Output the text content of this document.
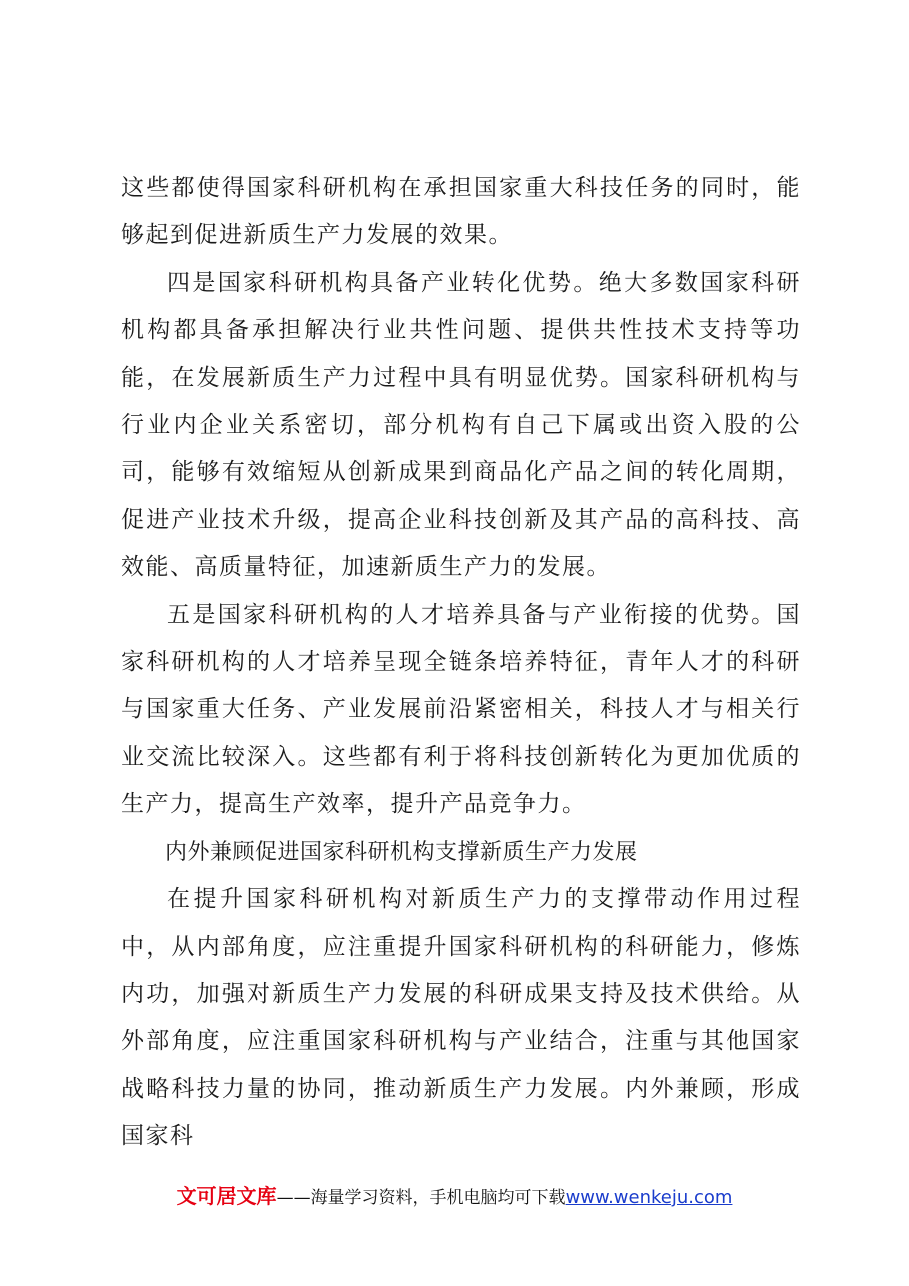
这些都使得国家科研机构在承担国家重大科技任务的同时，能够起到促进新质生产力发展的效果。

四是国家科研机构具备产业转化优势。绝大多数国家科研机构都具备承担解决行业共性问题、提供共性技术支持等功能，在发展新质生产力过程中具有明显优势。国家科研机构与行业内企业关系密切，部分机构有自己下属或出资入股的公司，能够有效缩短从创新成果到商品化产品之间的转化周期，促进产业技术升级，提高企业科技创新及其产品的高科技、高效能、高质量特征，加速新质生产力的发展。

五是国家科研机构的人才培养具备与产业衔接的优势。国家科研机构的人才培养呈现全链条培养特征，青年人才的科研与国家重大任务、产业发展前沿紧密相关，科技人才与相关行业交流比较深入。这些都有利于将科技创新转化为更加优质的生产力，提高生产效率，提升产品竞争力。

内外兼顾促进国家科研机构支撑新质生产力发展

在提升国家科研机构对新质生产力的支撑带动作用过程中，从内部角度，应注重提升国家科研机构的科研能力，修炼内功，加强对新质生产力发展的科研成果支持及技术供给。从外部角度，应注重国家科研机构与产业结合，注重与其他国家战略科技力量的协同，推动新质生产力发展。内外兼顾，形成国家科

文可居文库——海量学习资料，手机电脑均可下载www.wenkeju.com
